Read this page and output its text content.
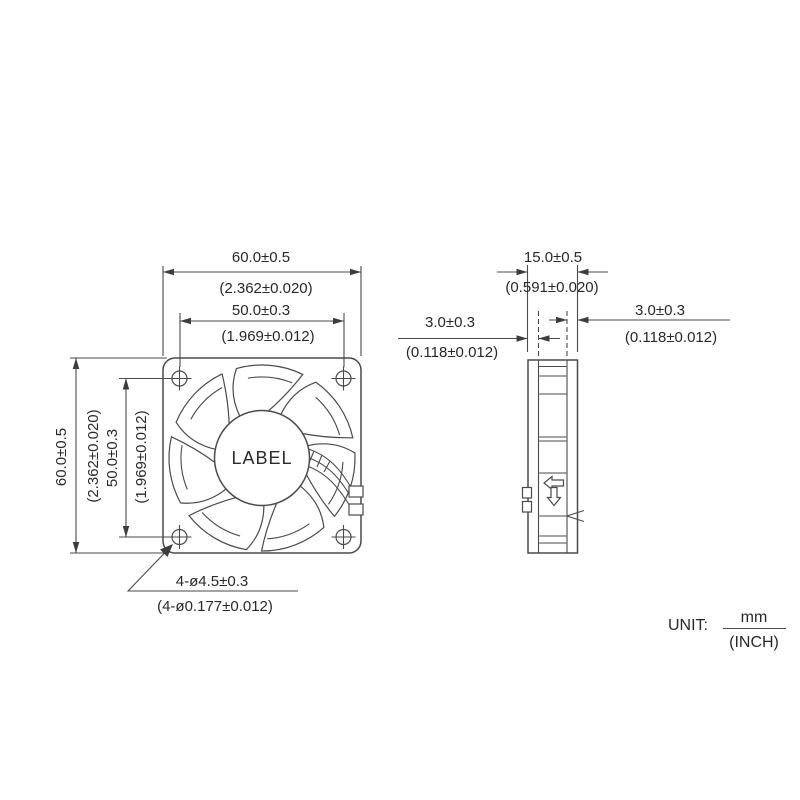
LABEL
60.0±0.5
(2.362±0.020)
50.0±0.3
(1.969±0.012)
60.0±0.5 (2.362±0.020) 50.0±0.3 (1.969±0.012)
4-ø4.5±0.3
(4-ø0.177±0.012)
15.0±0.5
(0.591±0.020)
3.0±0.3
(0.118±0.012)
3.0±0.3
(0.118±0.012)
UNIT: mm
(INCH)
